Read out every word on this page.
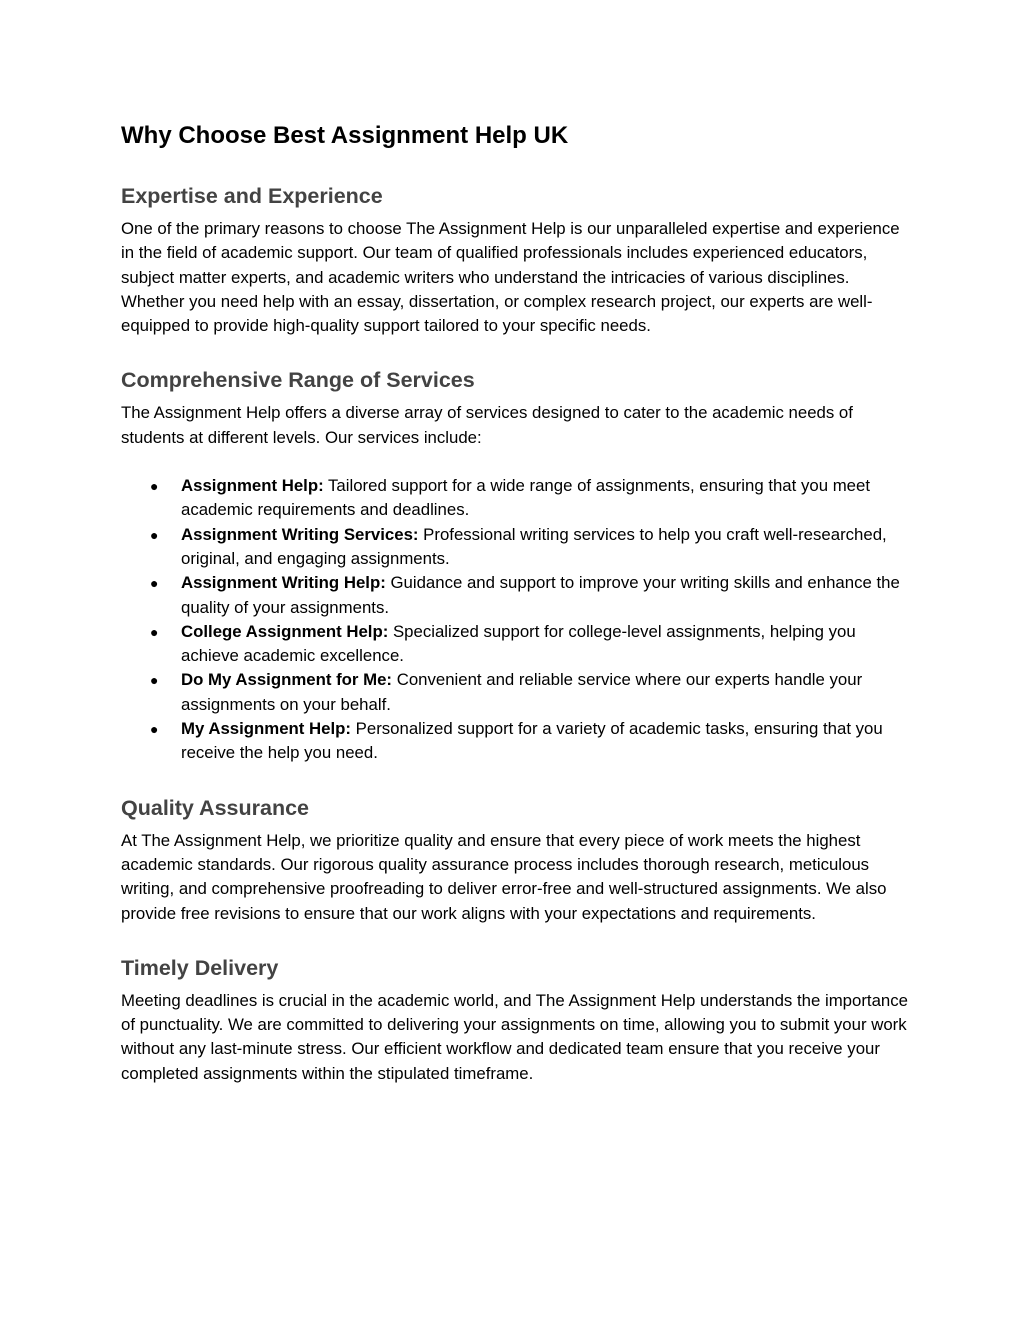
Why Choose Best Assignment Help UK
Expertise and Experience

One of the primary reasons to choose The Assignment Help is our unparalleled expertise and experience in the field of academic support. Our team of qualified professionals includes experienced educators, subject matter experts, and academic writers who understand the intricacies of various disciplines. Whether you need help with an essay, dissertation, or complex research project, our experts are well-equipped to provide high-quality support tailored to your specific needs.

Comprehensive Range of Services

The Assignment Help offers a diverse array of services designed to cater to the academic needs of students at different levels. Our services include:

● Assignment Help: Tailored support for a wide range of assignments, ensuring that you meet academic requirements and deadlines.
● Assignment Writing Services: Professional writing services to help you craft well-researched, original, and engaging assignments.
● Assignment Writing Help: Guidance and support to improve your writing skills and enhance the quality of your assignments.
● College Assignment Help: Specialized support for college-level assignments, helping you achieve academic excellence.
● Do My Assignment for Me: Convenient and reliable service where our experts handle your assignments on your behalf.
● My Assignment Help: Personalized support for a variety of academic tasks, ensuring that you receive the help you need.
Quality Assurance

At The Assignment Help, we prioritize quality and ensure that every piece of work meets the highest academic standards. Our rigorous quality assurance process includes thorough research, meticulous writing, and comprehensive proofreading to deliver error-free and well-structured assignments. We also provide free revisions to ensure that our work aligns with your expectations and requirements.

Timely Delivery

Meeting deadlines is crucial in the academic world, and The Assignment Help understands the importance of punctuality. We are committed to delivering your assignments on time, allowing you to submit your work without any last-minute stress. Our efficient workflow and dedicated team ensure that you receive your completed assignments within the stipulated timeframe.
